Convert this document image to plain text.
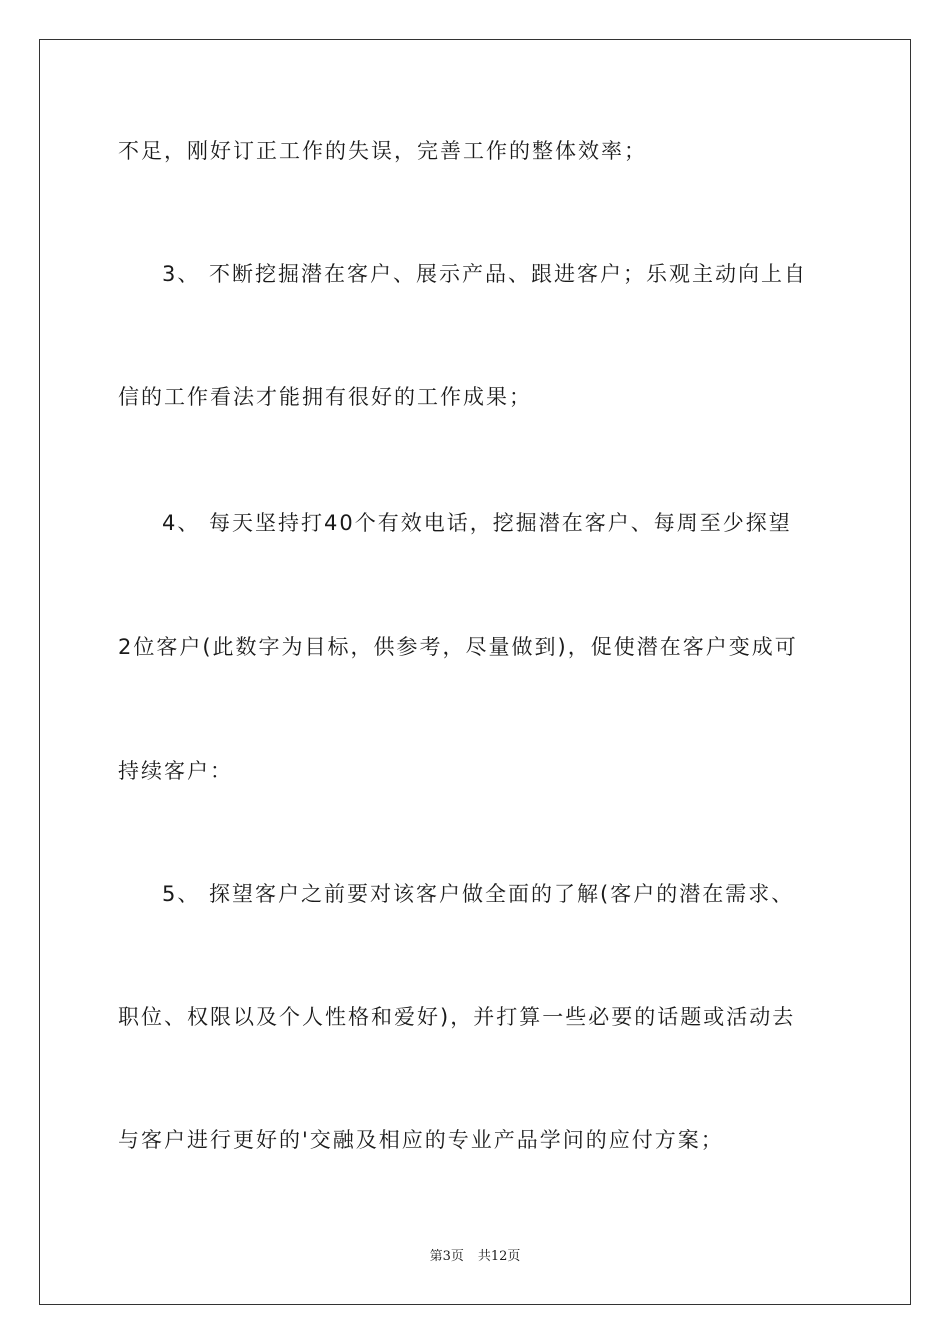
不足，刚好订正工作的失误，完善工作的整体效率；
3、 不断挖掘潜在客户、展示产品、跟进客户；乐观主动向上自
信的工作看法才能拥有很好的工作成果；
4、 每天坚持打40个有效电话，挖掘潜在客户、每周至少探望
2位客户(此数字为目标，供参考，尽量做到)，促使潜在客户变成可
持续客户：
5、 探望客户之前要对该客户做全面的了解(客户的潜在需求、
职位、权限以及个人性格和爱好)，并打算一些必要的话题或活动去
与客户进行更好的'交融及相应的专业产品学问的应付方案；
第3页 共12页
